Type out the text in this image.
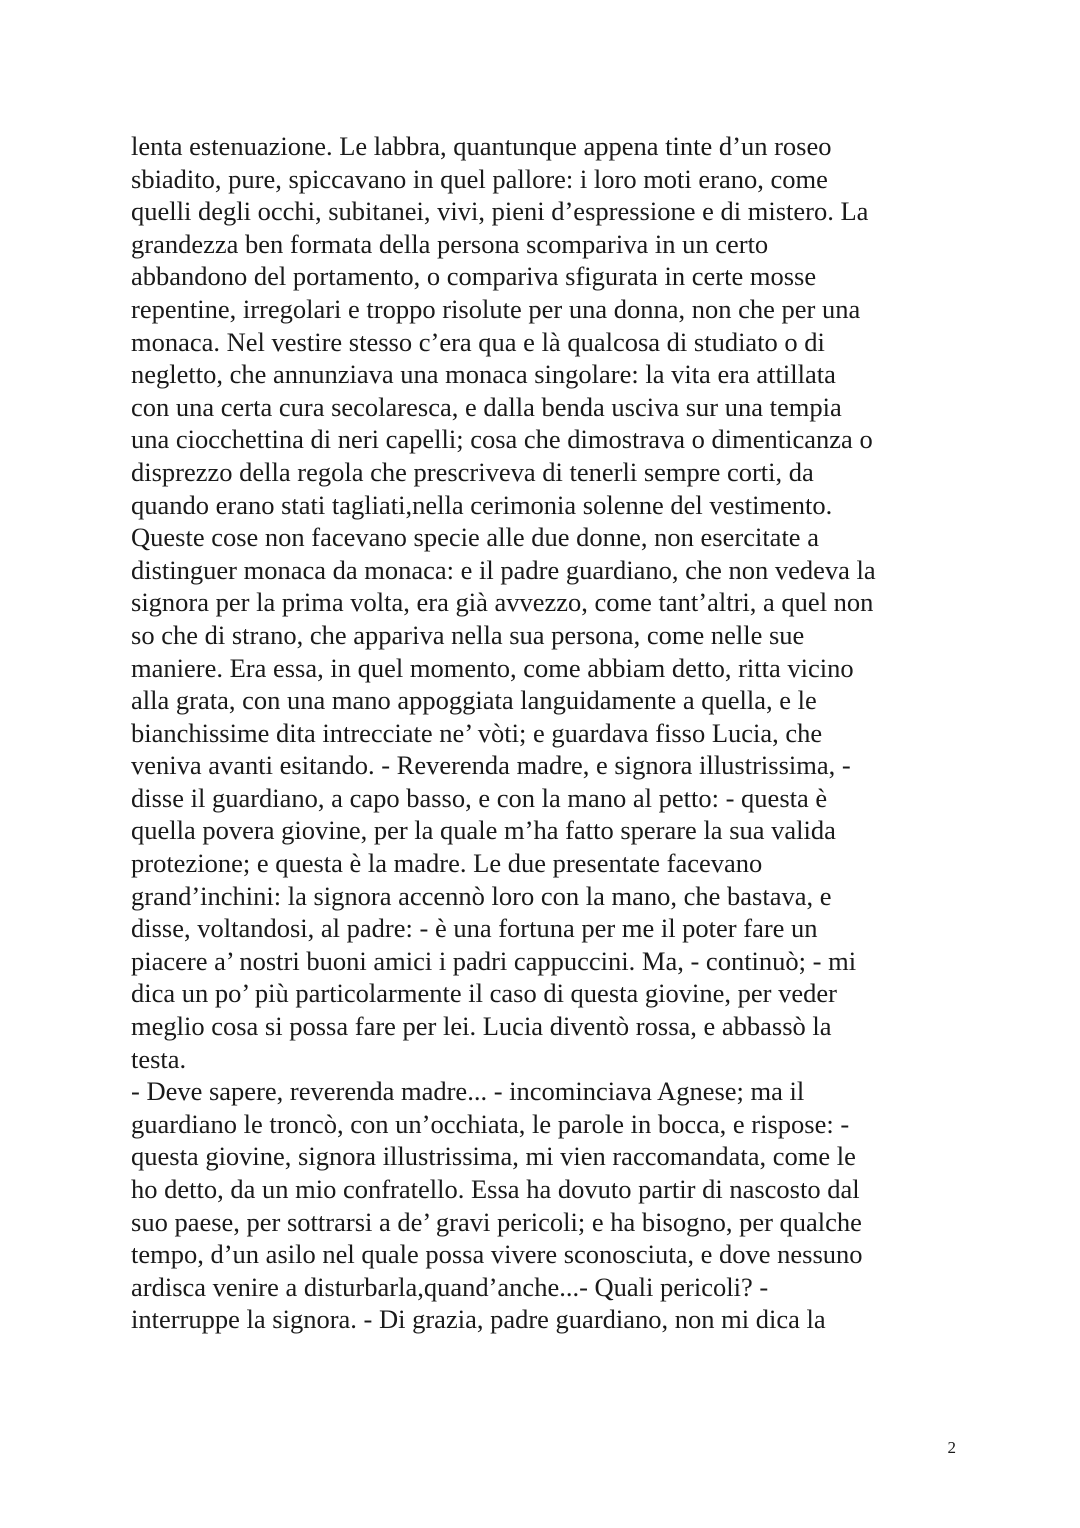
lenta estenuazione. Le labbra, quantunque appena tinte d’un roseo
sbiadito, pure, spiccavano in quel pallore: i loro moti erano, come
quelli degli occhi, subitanei, vivi, pieni d’espressione e di mistero. La
grandezza ben formata della persona scompariva in un certo
abbandono del portamento, o compariva sfigurata in certe mosse
repentine, irregolari e troppo risolute per una donna, non che per una
monaca. Nel vestire stesso c’era qua e là qualcosa di studiato o di
negletto, che annunziava una monaca singolare: la vita era attillata
con una certa cura secolaresca, e dalla benda usciva sur una tempia
una ciocchettina di neri capelli; cosa che dimostrava o dimenticanza o
disprezzo della regola che prescriveva di tenerli sempre corti, da
quando erano stati tagliati,nella cerimonia solenne del vestimento.
Queste cose non facevano specie alle due donne, non esercitate a
distinguer monaca da monaca: e il padre guardiano, che non vedeva la
signora per la prima volta, era già avvezzo, come tant’altri, a quel non
so che di strano, che appariva nella sua persona, come nelle sue
maniere. Era essa, in quel momento, come abbiam detto, ritta vicino
alla grata, con una mano appoggiata languidamente a quella, e le
bianchissime dita intrecciate ne’ vòti; e guardava fisso Lucia, che
veniva avanti esitando. - Reverenda madre, e signora illustrissima, -
disse il guardiano, a capo basso, e con la mano al petto: - questa è
quella povera giovine, per la quale m’ha fatto sperare la sua valida
protezione; e questa è la madre. Le due presentate facevano
grand’inchini: la signora accennò loro con la mano, che bastava, e
disse, voltandosi, al padre: - è una fortuna per me il poter fare un
piacere a’ nostri buoni amici i padri cappuccini. Ma, - continuò; - mi
dica un po’ più particolarmente il caso di questa giovine, per veder
meglio cosa si possa fare per lei. Lucia diventò rossa, e abbassò la
testa.
- Deve sapere, reverenda madre... - incominciava Agnese; ma il
guardiano le troncò, con un’occhiata, le parole in bocca, e rispose: -
questa giovine, signora illustrissima, mi vien raccomandata, come le
ho detto, da un mio confratello. Essa ha dovuto partir di nascosto dal
suo paese, per sottrarsi a de’ gravi pericoli; e ha bisogno, per qualche
tempo, d’un asilo nel quale possa vivere sconosciuta, e dove nessuno
ardisca venire a disturbarla,quand’anche...- Quali pericoli? -
interruppe la signora. - Di grazia, padre guardiano, non mi dica la
2
